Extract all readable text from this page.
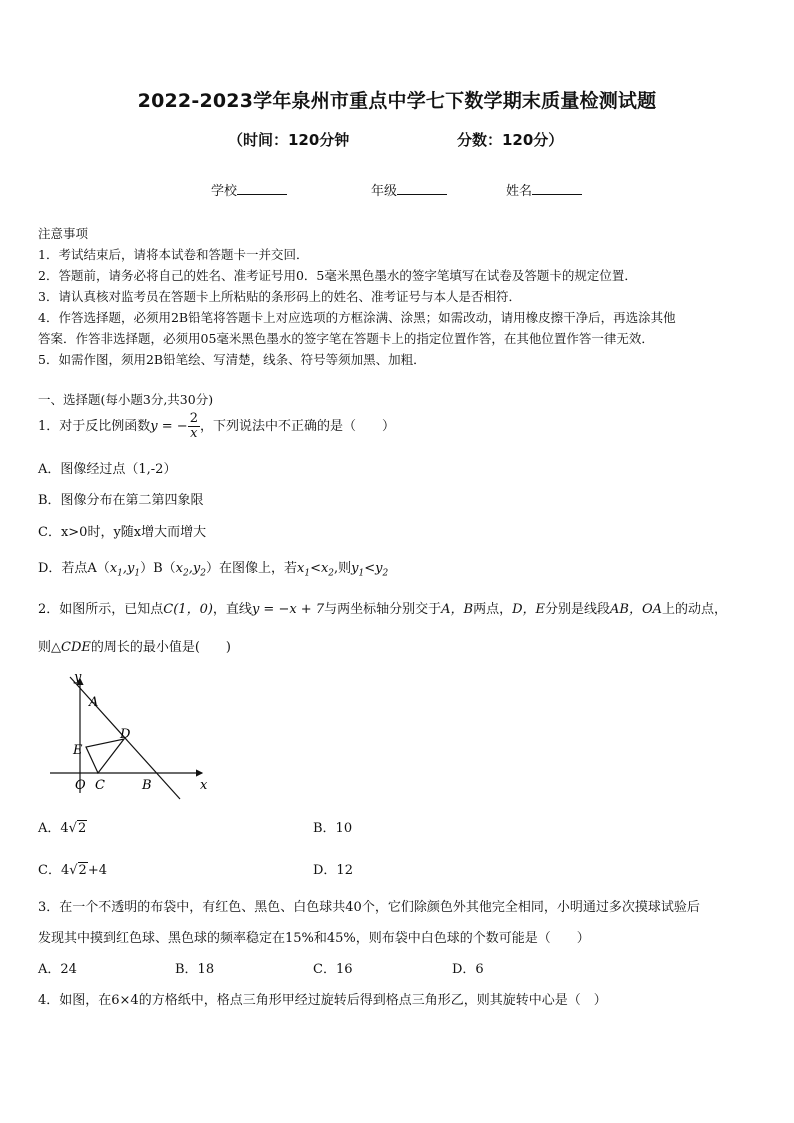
2022-2023学年泉州市重点中学七下数学期末质量检测试题
（时间：120分钟	分数：120分）
学校	年级	姓名
注意事项
1．考试结束后，请将本试卷和答题卡一并交回．
2．答题前，请务必将自己的姓名、准考证号用0．5毫米黑色墨水的签字笔填写在试卷及答题卡的规定位置．
3．请认真核对监考员在答题卡上所粘贴的条形码上的姓名、准考证号与本人是否相符．
4．作答选择题，必须用2B铅笔将答题卡上对应选项的方框涂满、涂黑；如需改动，请用橡皮擦干净后，再选涂其他
答案．作答非选择题，必须用05毫米黑色墨水的签字笔在答题卡上的指定位置作答，在其他位置作答一律无效．
5．如需作图，须用2B铅笔绘、写清楚，线条、符号等须加黑、加粗．
一、选择题(每小题3分,共30分)
1．对于反比例函数y = − $\frac{2}{x}$ ，下列说法中不正确的是（　　）
A．图像经过点（1,-2）
B．图像分布在第二第四象限
C．x>0时，y随x增大而增大
D．若点$A(x_1,y_1)B(x_2,y_2)$在图像上，若$x_1<x_2$,则$y_1<y_2$
2．如图所示，已知点C(1，0)，直线y = −x + 7与两坐标轴分别交于A，B两点，D，E分别是线段AB，OA上的动点，
则△CDE的周长的最小值是(　　)
y
x
A
B
C
D
E
O
A．4√2	B．10
C．4√2+4	D．12
3．在一个不透明的布袋中，有红色、黑色、白色球共40个，它们除颜色外其他完全相同，小明通过多次摸球试验后
发现其中摸到红色球、黑色球的频率稳定在15%和45%，则布袋中白色球的个数可能是（　　）
A．24	B．18	C．16	D．6
4．如图，在6×4的方格纸中，格点三角形甲经过旋转后得到格点三角形乙，则其旋转中心是（　）
